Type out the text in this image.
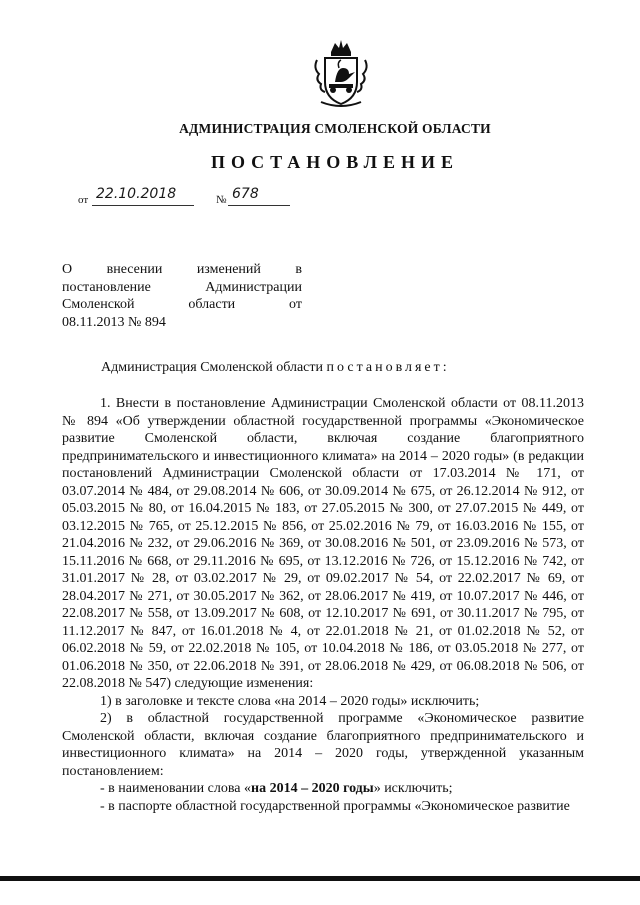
АДМИНИСТРАЦИЯ СМОЛЕНСКОЙ ОБЛАСТИ
ПОСТАНОВЛЕНИЕ
от 22.10.2018	№ 678
О внесении изменений в
постановление	Администрации
Смоленской	области	от
08.11.2013 № 894
Администрация Смоленской области постановляет:

1. Внести в постановление Администрации Смоленской области от 08.11.2013 № 894 «Об утверждении областной государственной программы «Экономическое развитие Смоленской области, включая создание благоприятного предпринимательского и инвестиционного климата» на 2014 – 2020 годы» (в редакции постановлений Администрации Смоленской области от 17.03.2014 № 171, от 03.07.2014 № 484, от 29.08.2014 № 606, от 30.09.2014 № 675, от 26.12.2014 № 912, от 05.03.2015 № 80, от 16.04.2015 № 183, от 27.05.2015 № 300, от 27.07.2015 № 449, от 03.12.2015 № 765, от 25.12.2015 № 856, от 25.02.2016 № 79, от 16.03.2016 № 155, от 21.04.2016 № 232, от 29.06.2016 № 369, от 30.08.2016 № 501, от 23.09.2016 № 573, от 15.11.2016 № 668, от 29.11.2016 № 695, от 13.12.2016 № 726, от 15.12.2016 № 742, от 31.01.2017 № 28, от 03.02.2017 № 29, от 09.02.2017 № 54, от 22.02.2017 № 69, от 28.04.2017 № 271, от 30.05.2017 № 362, от 28.06.2017 № 419, от 10.07.2017 № 446, от 22.08.2017 № 558, от 13.09.2017 № 608, от 12.10.2017 № 691, от 30.11.2017 № 795, от 11.12.2017 № 847, от 16.01.2018 № 4, от 22.01.2018 № 21, от 01.02.2018 № 52, от 06.02.2018 № 59, от 22.02.2018 № 105, от 10.04.2018 № 186, от 03.05.2018 № 277, от 01.06.2018 № 350, от 22.06.2018 № 391, от 28.06.2018 № 429, от 06.08.2018 № 506, от 22.08.2018 № 547) следующие изменения:

1) в заголовке и тексте слова «на 2014 – 2020 годы» исключить;

2) в областной государственной программе «Экономическое развитие Смоленской области, включая создание благоприятного предпринимательского и инвестиционного климата» на 2014 – 2020 годы, утвержденной указанным постановлением:

- в наименовании слова «на 2014 – 2020 годы» исключить;

- в паспорте областной государственной программы «Экономическое развитие
